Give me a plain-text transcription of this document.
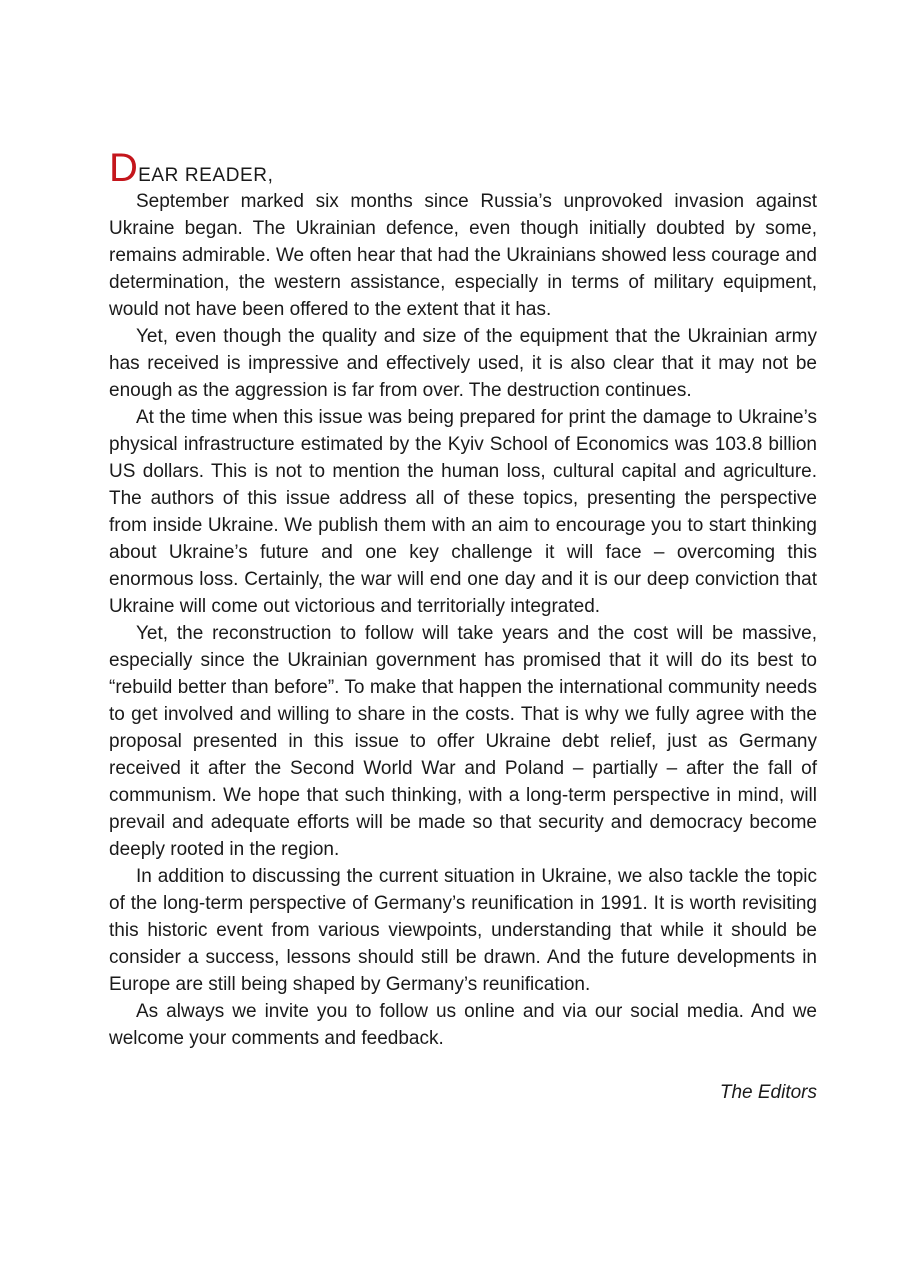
DEAR READER,

September marked six months since Russia’s unprovoked invasion against Ukraine began. The Ukrainian defence, even though initially doubted by some, remains admirable. We often hear that had the Ukrainians showed less courage and determination, the western assistance, especially in terms of military equipment, would not have been offered to the extent that it has.

Yet, even though the quality and size of the equipment that the Ukrainian army has received is impressive and effectively used, it is also clear that it may not be enough as the aggression is far from over. The destruction continues.

At the time when this issue was being prepared for print the damage to Ukraine’s physical infrastructure estimated by the Kyiv School of Economics was 103.8 billion US dollars. This is not to mention the human loss, cultural capital and agriculture. The authors of this issue address all of these topics, presenting the perspective from inside Ukraine. We publish them with an aim to encourage you to start thinking about Ukraine’s future and one key challenge it will face – overcoming this enormous loss. Certainly, the war will end one day and it is our deep conviction that Ukraine will come out victorious and territorially integrated.

Yet, the reconstruction to follow will take years and the cost will be massive, especially since the Ukrainian government has promised that it will do its best to “rebuild better than before”. To make that happen the international community needs to get involved and willing to share in the costs. That is why we fully agree with the proposal presented in this issue to offer Ukraine debt relief, just as Germany received it after the Second World War and Poland – partially – after the fall of communism. We hope that such thinking, with a long-term perspective in mind, will prevail and adequate efforts will be made so that security and democracy become deeply rooted in the region.

In addition to discussing the current situation in Ukraine, we also tackle the topic of the long-term perspective of Germany’s reunification in 1991. It is worth revisiting this historic event from various viewpoints, understanding that while it should be consider a success, lessons should still be drawn. And the future developments in Europe are still being shaped by Germany’s reunification.

As always we invite you to follow us online and via our social media. And we welcome your comments and feedback.

The Editors
